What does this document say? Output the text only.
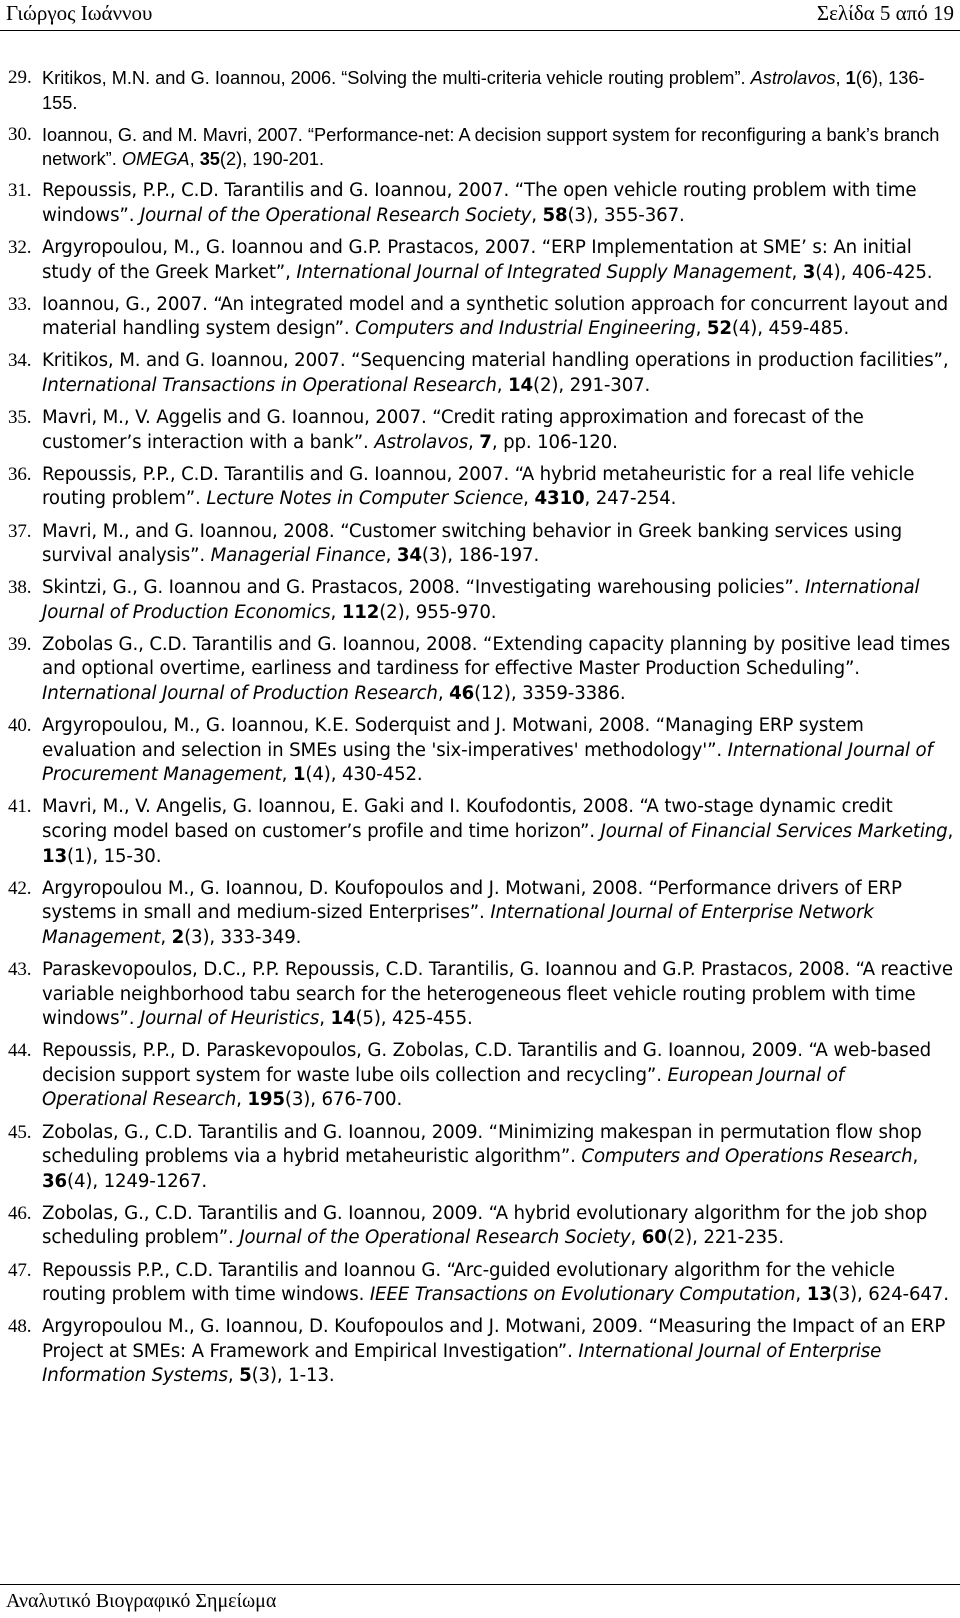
Γιώργος Ιωάννου	Σελίδα 5 από 19
29. Kritikos, M.N. and G. Ioannou, 2006. “Solving the multi-criteria vehicle routing problem”. Astrolavos, 1(6), 136-155.
30. Ioannou, G. and M. Mavri, 2007. “Performance-net: A decision support system for reconfiguring a bank’s branch network”. OMEGA, 35(2), 190-201.
31. Repoussis, P.P., C.D. Tarantilis and G. Ioannou, 2007. “The open vehicle routing problem with time windows”. Journal of the Operational Research Society, 58(3), 355-367.
32. Argyropoulou, M., G. Ioannou and G.P. Prastacos, 2007. “ERP Implementation at SME’ s: An initial study of the Greek Market”, International Journal of Integrated Supply Management, 3(4), 406-425.
33. Ioannou, G., 2007. “An integrated model and a synthetic solution approach for concurrent layout and material handling system design”. Computers and Industrial Engineering, 52(4), 459-485.
34. Kritikos, M. and G. Ioannou, 2007. “Sequencing material handling operations in production facilities”, International Transactions in Operational Research, 14(2), 291-307.
35. Mavri, M., V. Aggelis and G. Ioannou, 2007. “Credit rating approximation and forecast of the customer’s interaction with a bank”. Astrolavos, 7, pp. 106-120.
36. Repoussis, P.P., C.D. Tarantilis and G. Ioannou, 2007. “A hybrid metaheuristic for a real life vehicle routing problem”. Lecture Notes in Computer Science, 4310, 247-254.
37. Mavri, M., and G. Ioannou, 2008. “Customer switching behavior in Greek banking services using survival analysis”. Managerial Finance, 34(3), 186-197.
38. Skintzi, G., G. Ioannou and G. Prastacos, 2008. “Investigating warehousing policies”. International Journal of Production Economics, 112(2), 955-970.
39. Zobolas G., C.D. Tarantilis and G. Ioannou, 2008. “Extending capacity planning by positive lead times and optional overtime, earliness and tardiness for effective Master Production Scheduling”. International Journal of Production Research, 46(12), 3359-3386.
40. Argyropoulou, M., G. Ioannou, K.E. Soderquist and J. Motwani, 2008. “Managing ERP system evaluation and selection in SMEs using the 'six-imperatives' methodology'”. International Journal of Procurement Management, 1(4), 430-452.
41. Mavri, M., V. Angelis, G. Ioannou, E. Gaki and I. Koufodontis, 2008. “A two-stage dynamic credit scoring model based on customer’s profile and time horizon”. Journal of Financial Services Marketing, 13(1), 15-30.
42. Argyropoulou M., G. Ioannou, D. Koufopoulos and J. Motwani, 2008. “Performance drivers of ERP systems in small and medium-sized Enterprises”. International Journal of Enterprise Network Management, 2(3), 333-349.
43. Paraskevopoulos, D.C., P.P. Repoussis, C.D. Tarantilis, G. Ioannou and G.P. Prastacos, 2008. “A reactive variable neighborhood tabu search for the heterogeneous fleet vehicle routing problem with time windows”. Journal of Heuristics, 14(5), 425-455.
44. Repoussis, P.P., D. Paraskevopoulos, G. Zobolas, C.D. Tarantilis and G. Ioannou, 2009. “A web-based decision support system for waste lube oils collection and recycling”. European Journal of Operational Research, 195(3), 676-700.
45. Zobolas, G., C.D. Tarantilis and G. Ioannou, 2009. “Minimizing makespan in permutation flow shop scheduling problems via a hybrid metaheuristic algorithm”. Computers and Operations Research, 36(4), 1249-1267.
46. Zobolas, G., C.D. Tarantilis and G. Ioannou, 2009. “A hybrid evolutionary algorithm for the job shop scheduling problem”. Journal of the Operational Research Society, 60(2), 221-235.
47. Repoussis P.P., C.D. Tarantilis and Ioannou G. “Arc-guided evolutionary algorithm for the vehicle routing problem with time windows. IEEE Transactions on Evolutionary Computation, 13(3), 624-647.
48. Argyropoulou M., G. Ioannou, D. Koufopoulos and J. Motwani, 2009. “Measuring the Impact of an ERP Project at SMEs: A Framework and Empirical Investigation”. International Journal of Enterprise Information Systems, 5(3), 1-13.
Αναλυτικό Βιογραφικό Σημείωμα
